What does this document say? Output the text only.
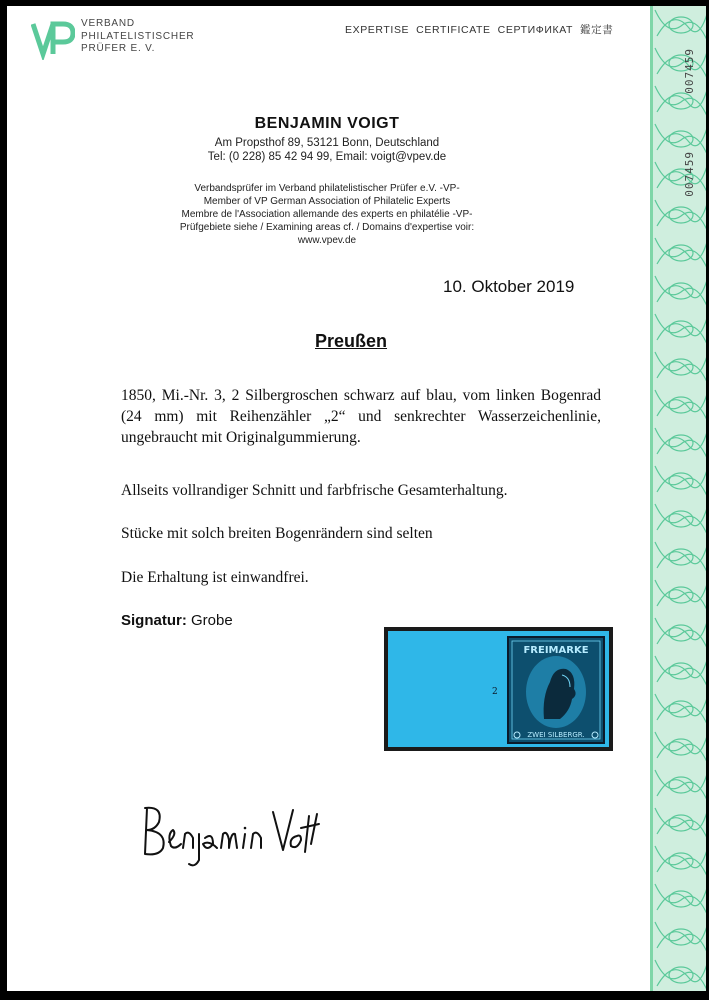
VERBAND
PHILATELISTISCHER
PRÜFER E. V.
EXPERTISE  CERTIFICATE  СЕРТИФИКАТ  鑑定書
BENJAMIN VOIGT
Am Propsthof 89, 53121 Bonn, Deutschland
Tel: (0 228) 85 42 94 99, Email: voigt@vpev.de
Verbandsprüfer im Verband philatelistischer Prüfer e.V. -VP-
Member of VP German Association of Philatelic Experts
Membre de l'Association allemande des experts en philatélie -VP-
Prüfgebiete siehe / Examining areas cf. / Domains d'expertise voir:
www.vpev.de
10. Oktober 2019
Preußen
1850, Mi.-Nr. 3, 2 Silbergroschen schwarz auf blau, vom linken Bogenrad (24 mm) mit Reihenzähler „2“ und senkrechter Wasserzeichenlinie, ungebraucht mit Originalgummierung.
Allseits vollrandiger Schnitt und farbfrische Gesamterhaltung.
Stücke mit solch breiten Bogenrändern sind selten
Die Erhaltung ist einwandfrei.
Signatur: Grobe
2
FREIMARKE
ZWEI SILBERGR.
007459
007459
